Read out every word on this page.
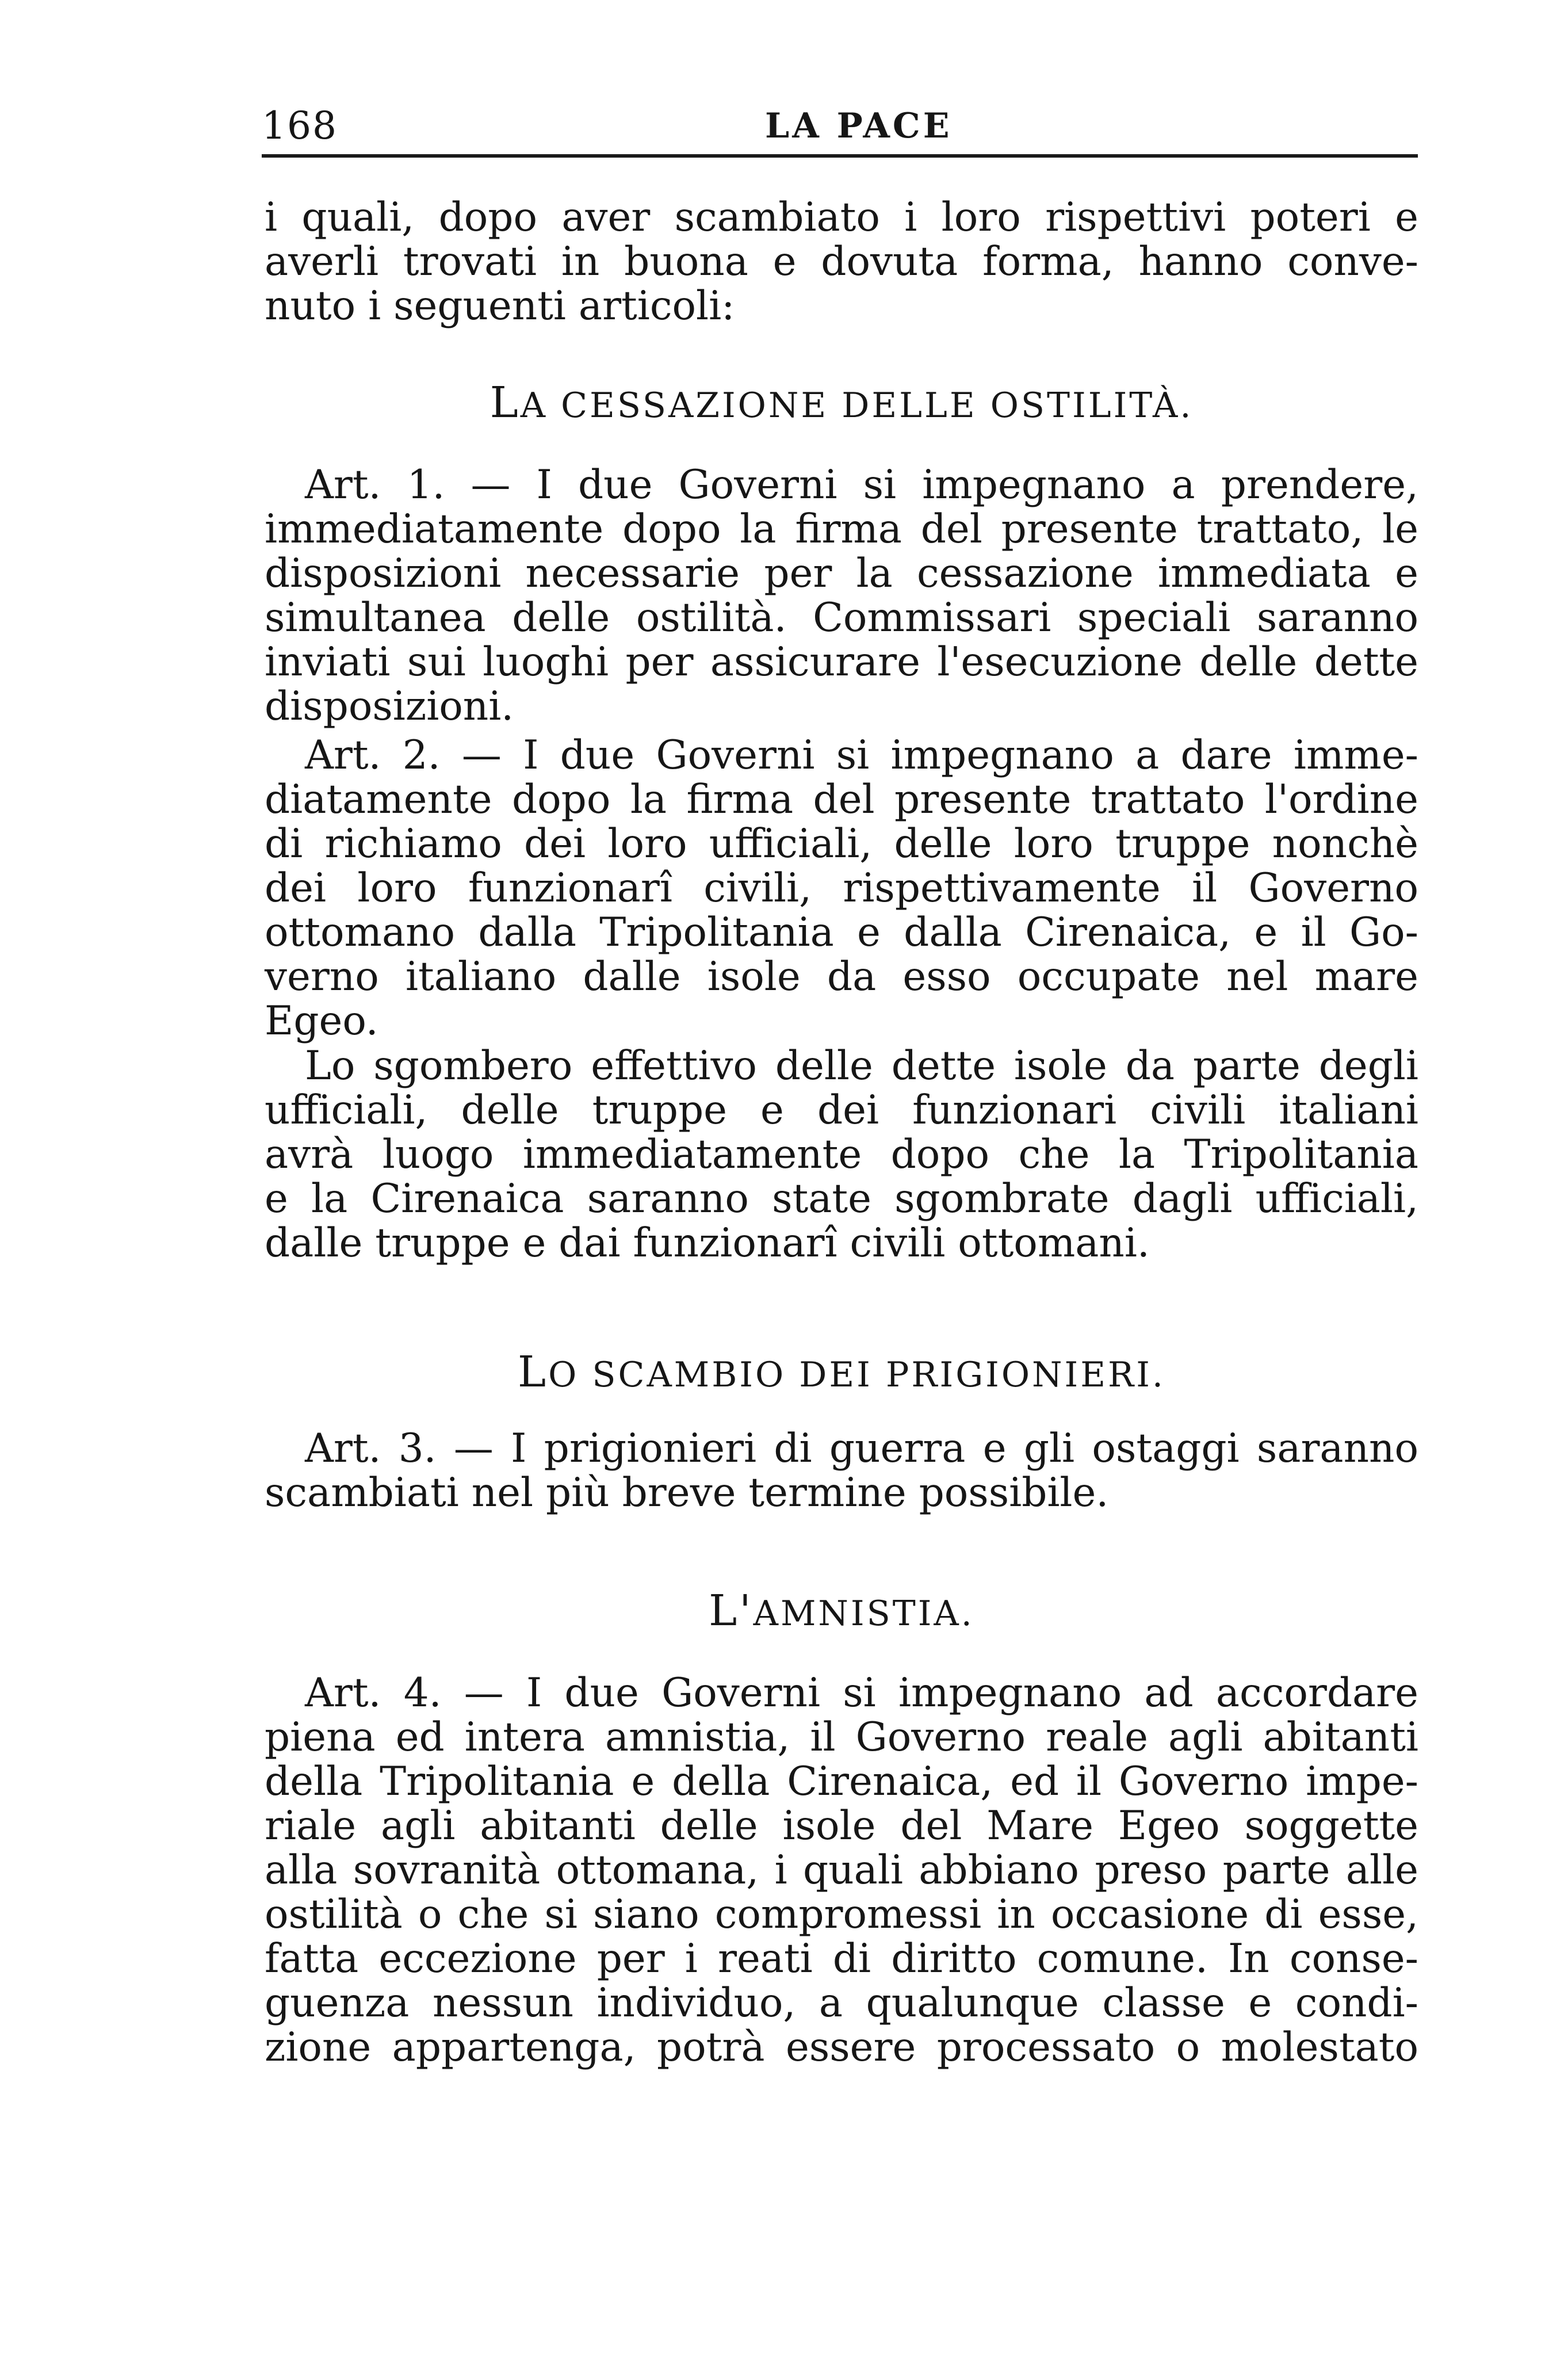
168	LA PACE
i quali, dopo aver scambiato i loro rispettivi poteri e
averli trovati in buona e dovuta forma, hanno conve-
nuto i seguenti articoli:
LA CESSAZIONE DELLE OSTILITÀ.
Art. 1. — I due Governi si impegnano a prendere,
immediatamente dopo la firma del presente trattato, le
disposizioni necessarie per la cessazione immediata e
simultanea delle ostilità. Commissari speciali saranno
inviati sui luoghi per assicurare l'esecuzione delle dette
disposizioni.
Art. 2. — I due Governi si impegnano a dare imme-
diatamente dopo la firma del presente trattato l'ordine
di richiamo dei loro ufficiali, delle loro truppe nonchè
dei loro funzionarî civili, rispettivamente il Governo
ottomano dalla Tripolitania e dalla Cirenaica, e il Go-
verno italiano dalle isole da esso occupate nel mare
Egeo.
Lo sgombero effettivo delle dette isole da parte degli
ufficiali, delle truppe e dei funzionari civili italiani
avrà luogo immediatamente dopo che la Tripolitania
e la Cirenaica saranno state sgombrate dagli ufficiali,
dalle truppe e dai funzionarî civili ottomani.
LO SCAMBIO DEI PRIGIONIERI.
Art. 3. — I prigionieri di guerra e gli ostaggi saranno
scambiati nel più breve termine possibile.
L'AMNISTIA.
Art. 4. — I due Governi si impegnano ad accordare
piena ed intera amnistia, il Governo reale agli abitanti
della Tripolitania e della Cirenaica, ed il Governo impe-
riale agli abitanti delle isole del Mare Egeo soggette
alla sovranità ottomana, i quali abbiano preso parte alle
ostilità o che si siano compromessi in occasione di esse,
fatta eccezione per i reati di diritto comune. In conse-
guenza nessun individuo, a qualunque classe e condi-
zione appartenga, potrà essere processato o molestato
